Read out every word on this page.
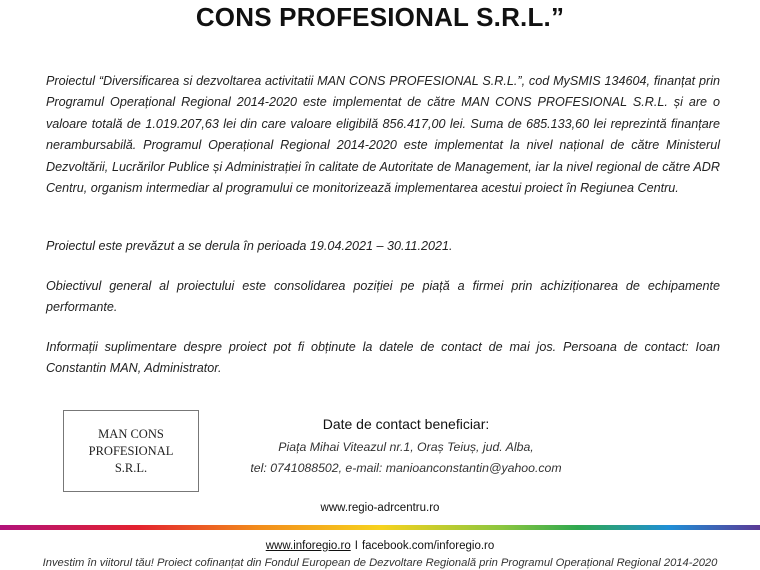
CONS PROFESIONAL S.R.L.”
Proiectul “Diversificarea si dezvoltarea activitatii MAN CONS PROFESIONAL S.R.L.”, cod MySMIS 134604, finanțat prin Programul Operațional Regional 2014-2020 este implementat de către MAN CONS PROFESIONAL S.R.L. și are o valoare totală de 1.019.207,63 lei din care valoare eligibilă 856.417,00 lei. Suma de 685.133,60 lei reprezintă finanțare nerambursabilă. Programul Operațional Regional 2014-2020 este implementat la nivel național de către Ministerul Dezvoltării, Lucrărilor Publice și Administrației în calitate de Autoritate de Management, iar la nivel regional de către ADR Centru, organism intermediar al programului ce monitorizează implementarea acestui proiect în Regiunea Centru.
Proiectul este prevăzut a se derula în perioada 19.04.2021 – 30.11.2021.
Obiectivul general al proiectului este consolidarea poziției pe piață a firmei prin achiziționarea de echipamente performante.
Informații suplimentare despre proiect pot fi obținute la datele de contact de mai jos. Persoana de contact: Ioan Constantin MAN, Administrator.
MAN CONS
PROFESIONAL
S.R.L.
Date de contact beneficiar:
Piața Mihai Viteazul nr.1, Oraș Teiuș, jud. Alba,
tel: 0741088502, e-mail: manioanconstantin@yahoo.com
www.regio-adrcentru.ro
www.inforegio.ro I facebook.com/inforegio.ro
Investim în viitorul tău! Proiect cofinanțat din Fondul European de Dezvoltare Regională prin Programul Operațional Regional 2014-2020
